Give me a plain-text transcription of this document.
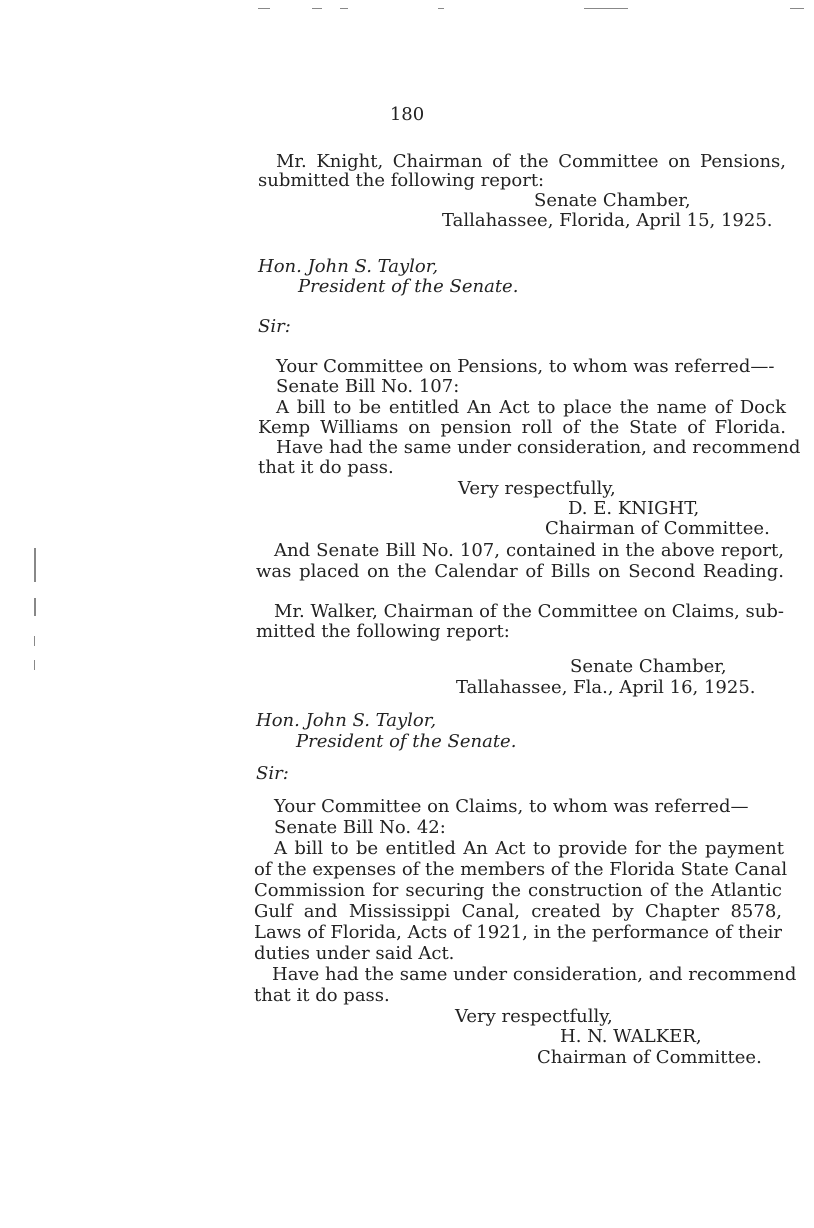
180
Mr. Knight, Chairman of the Committee on Pensions,
submitted the following report:
Senate Chamber,
Tallahassee, Florida, April 15, 1925.
Hon. John S. Taylor,
President of the Senate.
Sir:
Your Committee on Pensions, to whom was referred—-
Senate Bill No. 107:
A bill to be entitled An Act to place the name of Dock
Kemp Williams on pension roll of the State of Florida.
Have had the same under consideration, and recommend
that it do pass.
Very respectfully,
D. E. KNIGHT,
Chairman of Committee.
And Senate Bill No. 107, contained in the above report,
was placed on the Calendar of Bills on Second Reading.
Mr. Walker, Chairman of the Committee on Claims, sub-
mitted the following report:
Senate Chamber,
Tallahassee, Fla., April 16, 1925.
Hon. John S. Taylor,
President of the Senate.
Sir:
Your Committee on Claims, to whom was referred—
Senate Bill No. 42:
A bill to be entitled An Act to provide for the payment
of the expenses of the members of the Florida State Canal
Commission for securing the construction of the Atlantic
Gulf and Mississippi Canal, created by Chapter 8578,
Laws of Florida, Acts of 1921, in the performance of their
duties under said Act.
Have had the same under consideration, and recommend
that it do pass.
Very respectfully,
H. N. WALKER,
Chairman of Committee.
